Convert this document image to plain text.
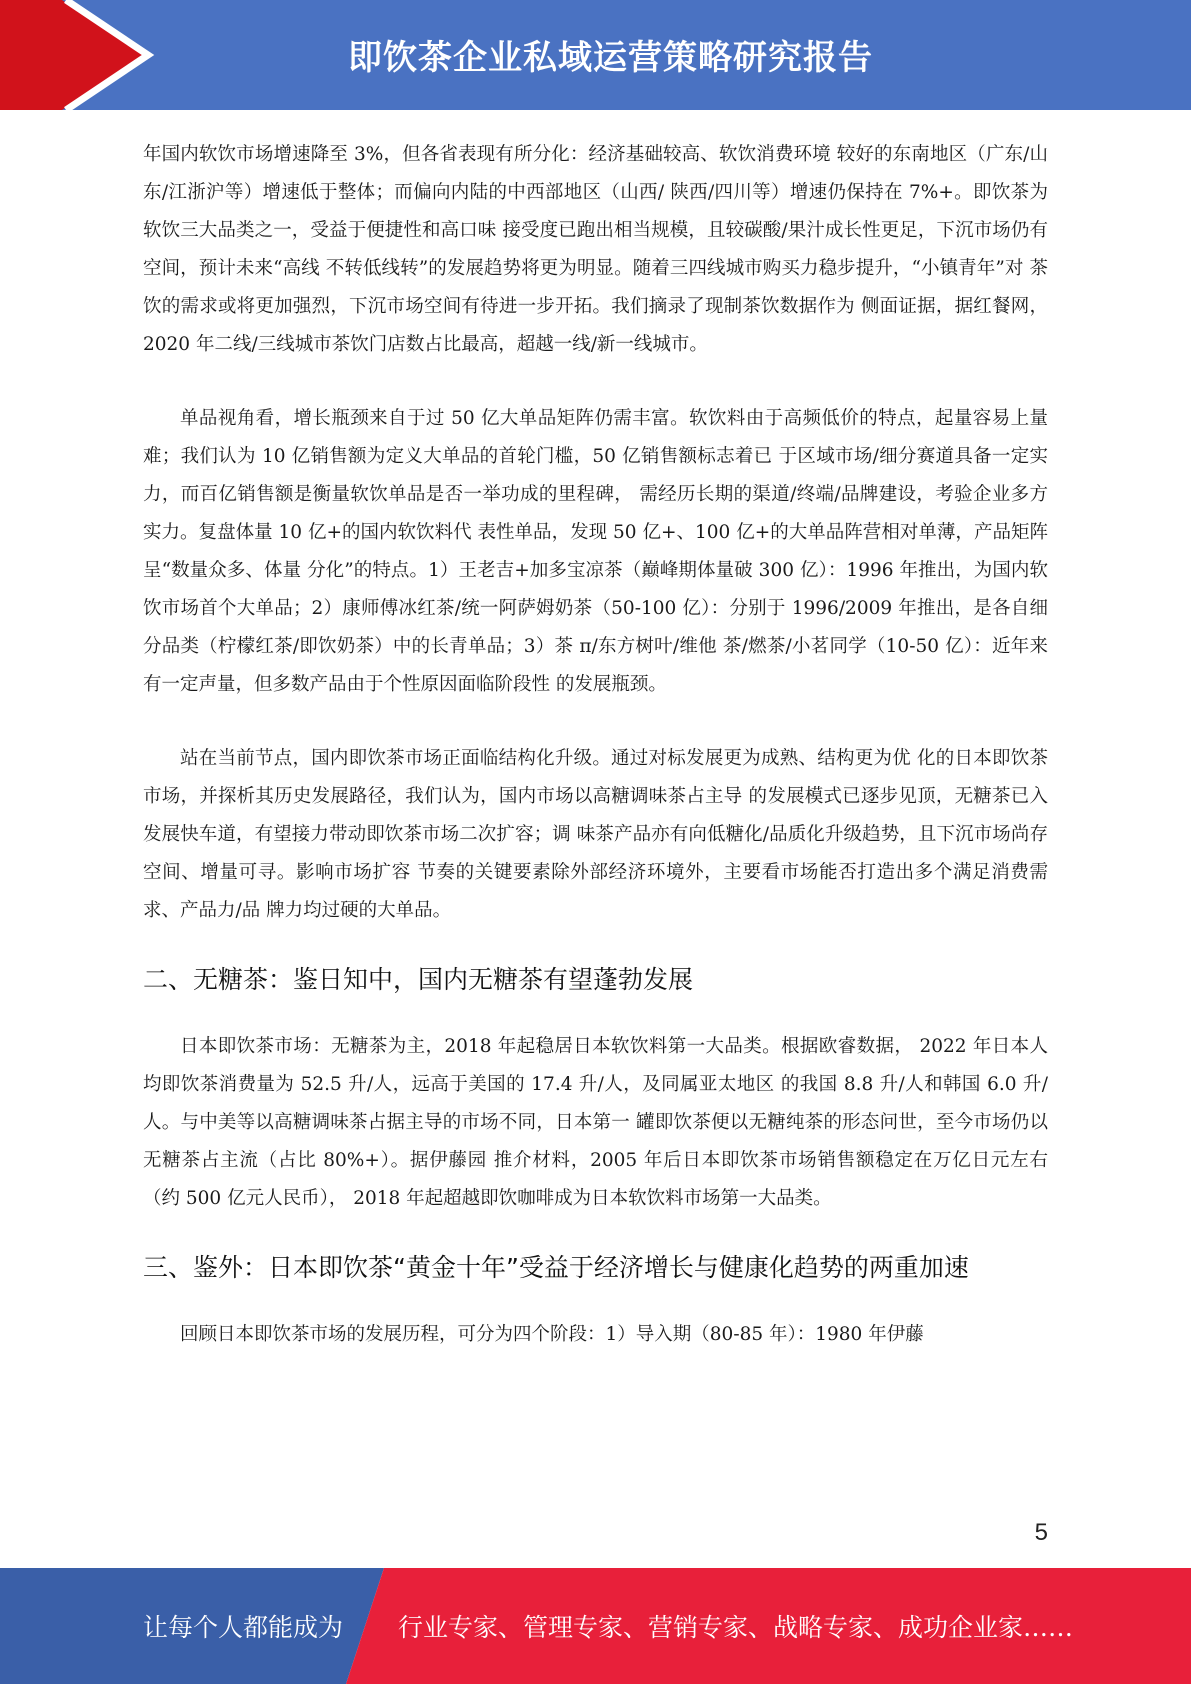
即饮茶企业私域运营策略研究报告

年国内软饮市场增速降至 3%，但各省表现有所分化：经济基础较高、软饮消费环境 较好的东南地区（广东/山东/江浙沪等）增速低于整体；而偏向内陆的中西部地区（山西/ 陕西/四川等）增速仍保持在 7%+。即饮茶为软饮三大品类之一，受益于便捷性和高口味 接受度已跑出相当规模，且较碳酸/果汁成长性更足，下沉市场仍有空间，预计未来“高线 不转低线转”的发展趋势将更为明显。随着三四线城市购买力稳步提升，“小镇青年”对 茶饮的需求或将更加强烈，下沉市场空间有待进一步开拓。我们摘录了现制茶饮数据作为 侧面证据，据红餐网，2020 年二线/三线城市茶饮门店数占比最高，超越一线/新一线城市。

单品视角看，增长瓶颈来自于过 50 亿大单品矩阵仍需丰富。软饮料由于高频低价的特点，起量容易上量难；我们认为 10 亿销售额为定义大单品的首轮门槛，50 亿销售额标志着已 于区域市场/细分赛道具备一定实力，而百亿销售额是衡量软饮单品是否一举功成的里程碑， 需经历长期的渠道/终端/品牌建设，考验企业多方实力。复盘体量 10 亿+的国内软饮料代 表性单品，发现 50 亿+、100 亿+的大单品阵营相对单薄，产品矩阵呈“数量众多、体量 分化”的特点。1）王老吉+加多宝凉茶（巅峰期体量破 300 亿）：1996 年推出，为国内软 饮市场首个大单品；2）康师傅冰红茶/统一阿萨姆奶茶（50-100 亿）：分别于 1996/2009 年推出，是各自细分品类（柠檬红茶/即饮奶茶）中的长青单品；3）茶 π/东方树叶/维他 茶/燃茶/小茗同学（10-50 亿）：近年来有一定声量，但多数产品由于个性原因面临阶段性 的发展瓶颈。

站在当前节点，国内即饮茶市场正面临结构化升级。通过对标发展更为成熟、结构更为优 化的日本即饮茶市场，并探析其历史发展路径，我们认为，国内市场以高糖调味茶占主导 的发展模式已逐步见顶，无糖茶已入发展快车道，有望接力带动即饮茶市场二次扩容；调 味茶产品亦有向低糖化/品质化升级趋势，且下沉市场尚存空间、增量可寻。影响市场扩容 节奏的关键要素除外部经济环境外，主要看市场能否打造出多个满足消费需求、产品力/品 牌力均过硬的大单品。

二、无糖茶：鉴日知中，国内无糖茶有望蓬勃发展

日本即饮茶市场：无糖茶为主，2018 年起稳居日本软饮料第一大品类。根据欧睿数据， 2022 年日本人均即饮茶消费量为 52.5 升/人，远高于美国的 17.4 升/人，及同属亚太地区 的我国 8.8 升/人和韩国 6.0 升/人。与中美等以高糖调味茶占据主导的市场不同，日本第一 罐即饮茶便以无糖纯茶的形态问世，至今市场仍以无糖茶占主流（占比 80%+）。据伊藤园 推介材料，2005 年后日本即饮茶市场销售额稳定在万亿日元左右（约 500 亿元人民币）， 2018 年起超越即饮咖啡成为日本软饮料市场第一大品类。

三、鉴外：日本即饮茶“黄金十年”受益于经济增长与健康化趋势的两重加速

回顾日本即饮茶市场的发展历程，可分为四个阶段：1）导入期（80-85 年）：1980 年伊藤

5
让每个人都能成为 行业专家、管理专家、营销专家、战略专家、成功企业家……
